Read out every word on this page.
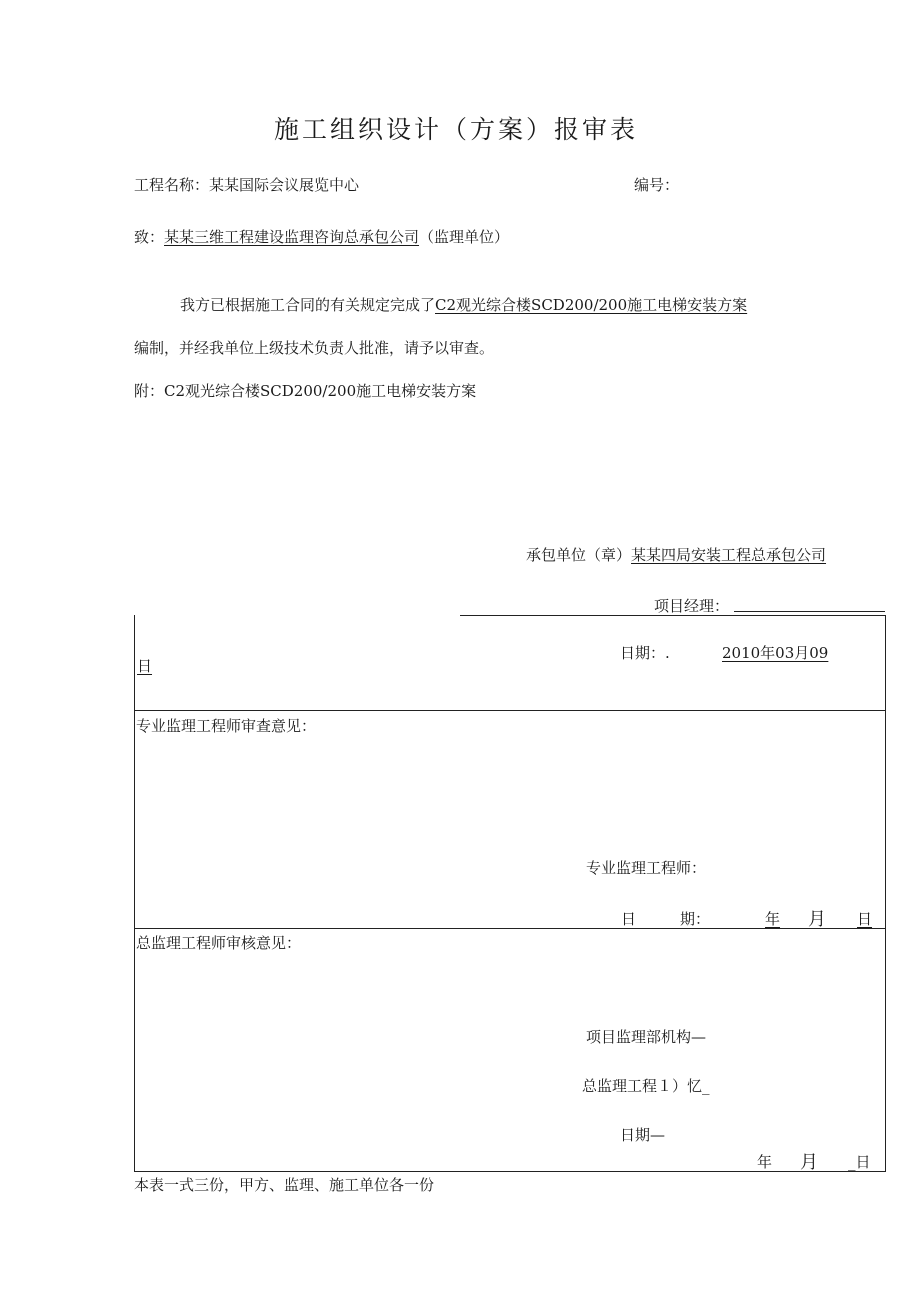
施工组织设计（方案）报审表
工程名称：某某国际会议展览中心	编号：
致：某某三维工程建设监理咨询总承包公司（监理单位）
我方已根据施工合同的有关规定完成了C2观光综合楼SCD200/200施工电梯安装方案
编制，并经我单位上级技术负责人批准，请予以审查。
附：C2观光综合楼SCD200/200施工电梯安装方案
承包单位（章）某某四局安装工程总承包公司
项目经理：
日期：.	2010年03月09
日
专业监理工程师审查意见：
专业监理工程师：
日	期：	年 月 日
总监理工程师审核意见：
项目监理部机构—
总监理工程１）忆_
日期—
年 月 _日
本表一式三份，甲方、监理、施工单位各一份
